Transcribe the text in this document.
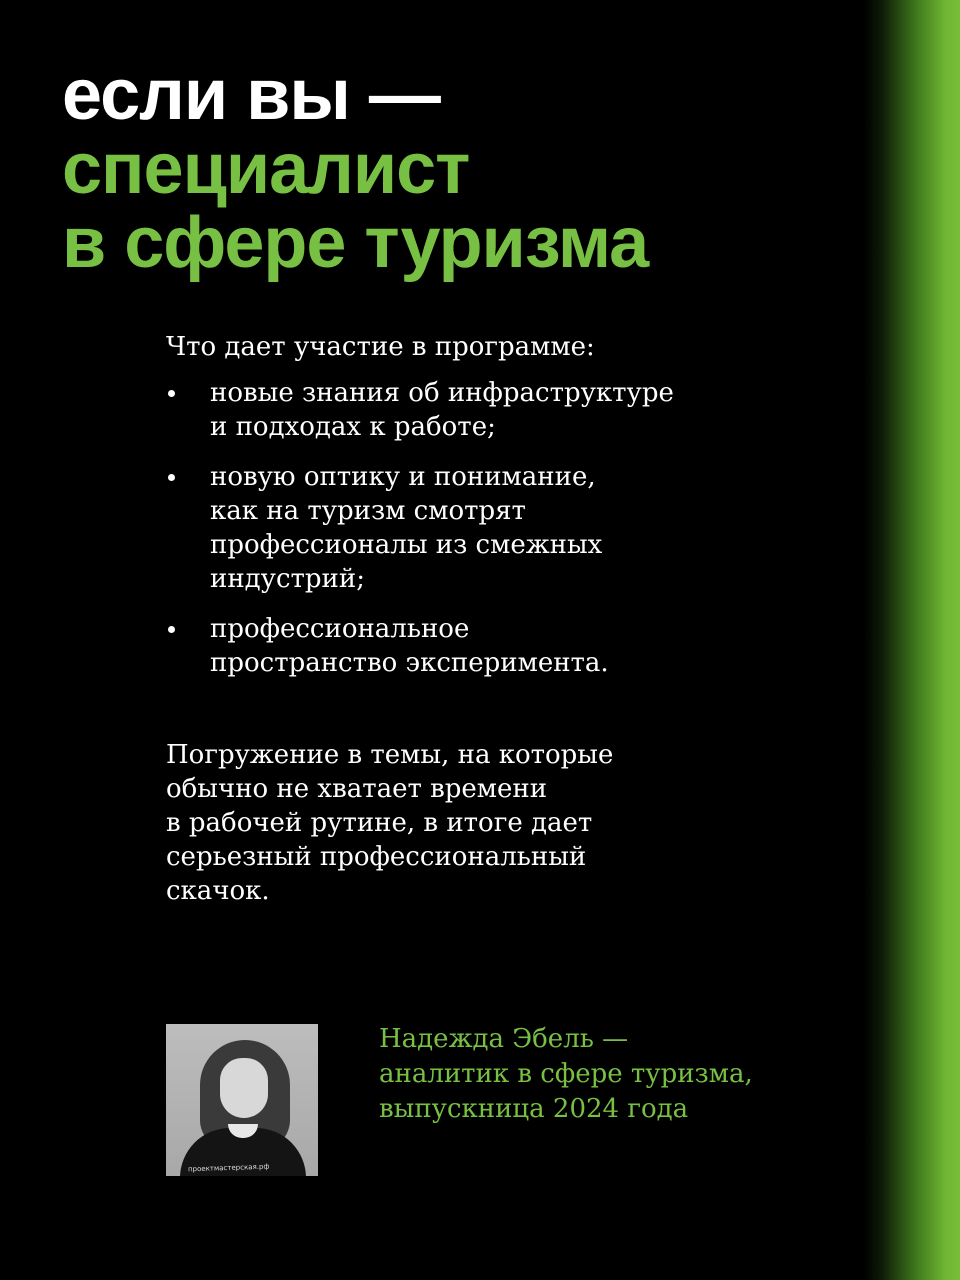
если вы —
специалист
в сфере туризма
Что дает участие в программе:
новые знания об инфраструктуре
и подходах к работе;
новую оптику и понимание,
как на туризм смотрят
профессионалы из смежных
индустрий;
профессиональное
пространство эксперимента.
Погружение в темы, на которые
обычно не хватает времени
в рабочей рутине, в итоге дает
серьезный профессиональный
скачок.
проектмастерская.рф
Надежда Эбель —
аналитик в сфере туризма,
выпускница 2024 года
